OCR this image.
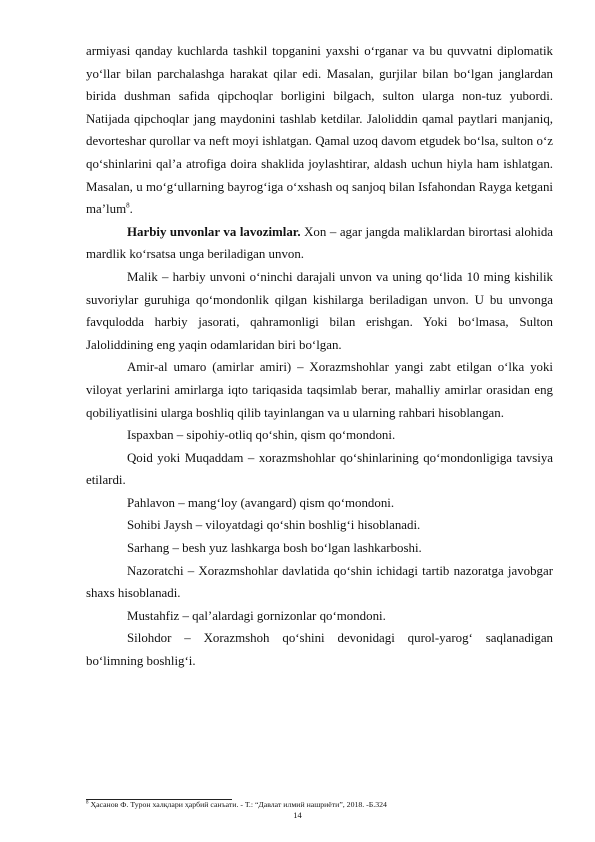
armiyasi qanday kuchlarda tashkil topganini yaxshi o‘rganar va bu quvvatni diplomatik yo‘llar bilan parchalashga harakat qilar edi. Masalan, gurjilar bilan bo‘lgan janglardan birida dushman safida qipchoqlar borligini bilgach, sulton ularga non-tuz yubordi. Natijada qipchoqlar jang maydonini tashlab ketdilar. Jaloliddin qamal paytlari manjaniq, devorteshar qurollar va neft moyi ishlatgan. Qamal uzoq davom etgudek bo‘lsa, sulton o‘z qo‘shinlarini qal’a atrofiga doira shaklida joylashtirar, aldash uchun hiyla ham ishlatgan. Masalan, u mo‘g‘ullarning bayrog‘iga o‘xshash oq sanjoq bilan Isfahondan Rayga ketgani ma’lum$^8$.

Harbiy unvonlar va lavozimlar. Xon – agar jangda maliklardan birortasi alohida mardlik ko‘rsatsa unga beriladigan unvon.

Malik – harbiy unvoni o‘ninchi darajali unvon va uning qo‘lida 10 ming kishilik suvoriylar guruhiga qo‘mondonlik qilgan kishilarga beriladigan unvon. U bu unvonga favqulodda harbiy jasorati, qahramonligi bilan erishgan. Yoki bo‘lmasa, Sulton Jaloliddining eng yaqin odamlaridan biri bo‘lgan.

Amir-al umaro (amirlar amiri) – Xorazmshohlar yangi zabt etilgan o‘lka yoki viloyat yerlarini amirlarga iqto tariqasida taqsimlab berar, mahalliy amirlar orasidan eng qobiliyatlisini ularga boshliq qilib tayinlangan va u ularning rahbari hisoblangan.

Ispaxban – sipohiy-otliq qo‘shin, qism qo‘mondoni.

Qoid yoki Muqaddam – xorazmshohlar qo‘shinlarining qo‘mondonligiga tavsiya etilardi.

Pahlavon – mang‘loy (avangard) qism qo‘mondoni.

Sohibi Jaysh – viloyatdagi qo‘shin boshlig‘i hisoblanadi.

Sarhang – besh yuz lashkarga bosh bo‘lgan lashkarboshi.

Nazoratchi – Xorazmshohlar davlatida qo‘shin ichidagi tartib nazoratga javobgar shaxs hisoblanadi.

Mustahfiz – qal’alardagi gornizonlar qo‘mondoni.

Silohdor – Xorazmshoh qo‘shini devonidagi qurol-yarog‘ saqlanadigan bo‘limning boshlig‘i.

$^8$ Ҳасанов Ф. Турон халқлари ҳарбий санъати. - Т.: “Давлат илмий нашриёти”, 2018. -Б.324
14
